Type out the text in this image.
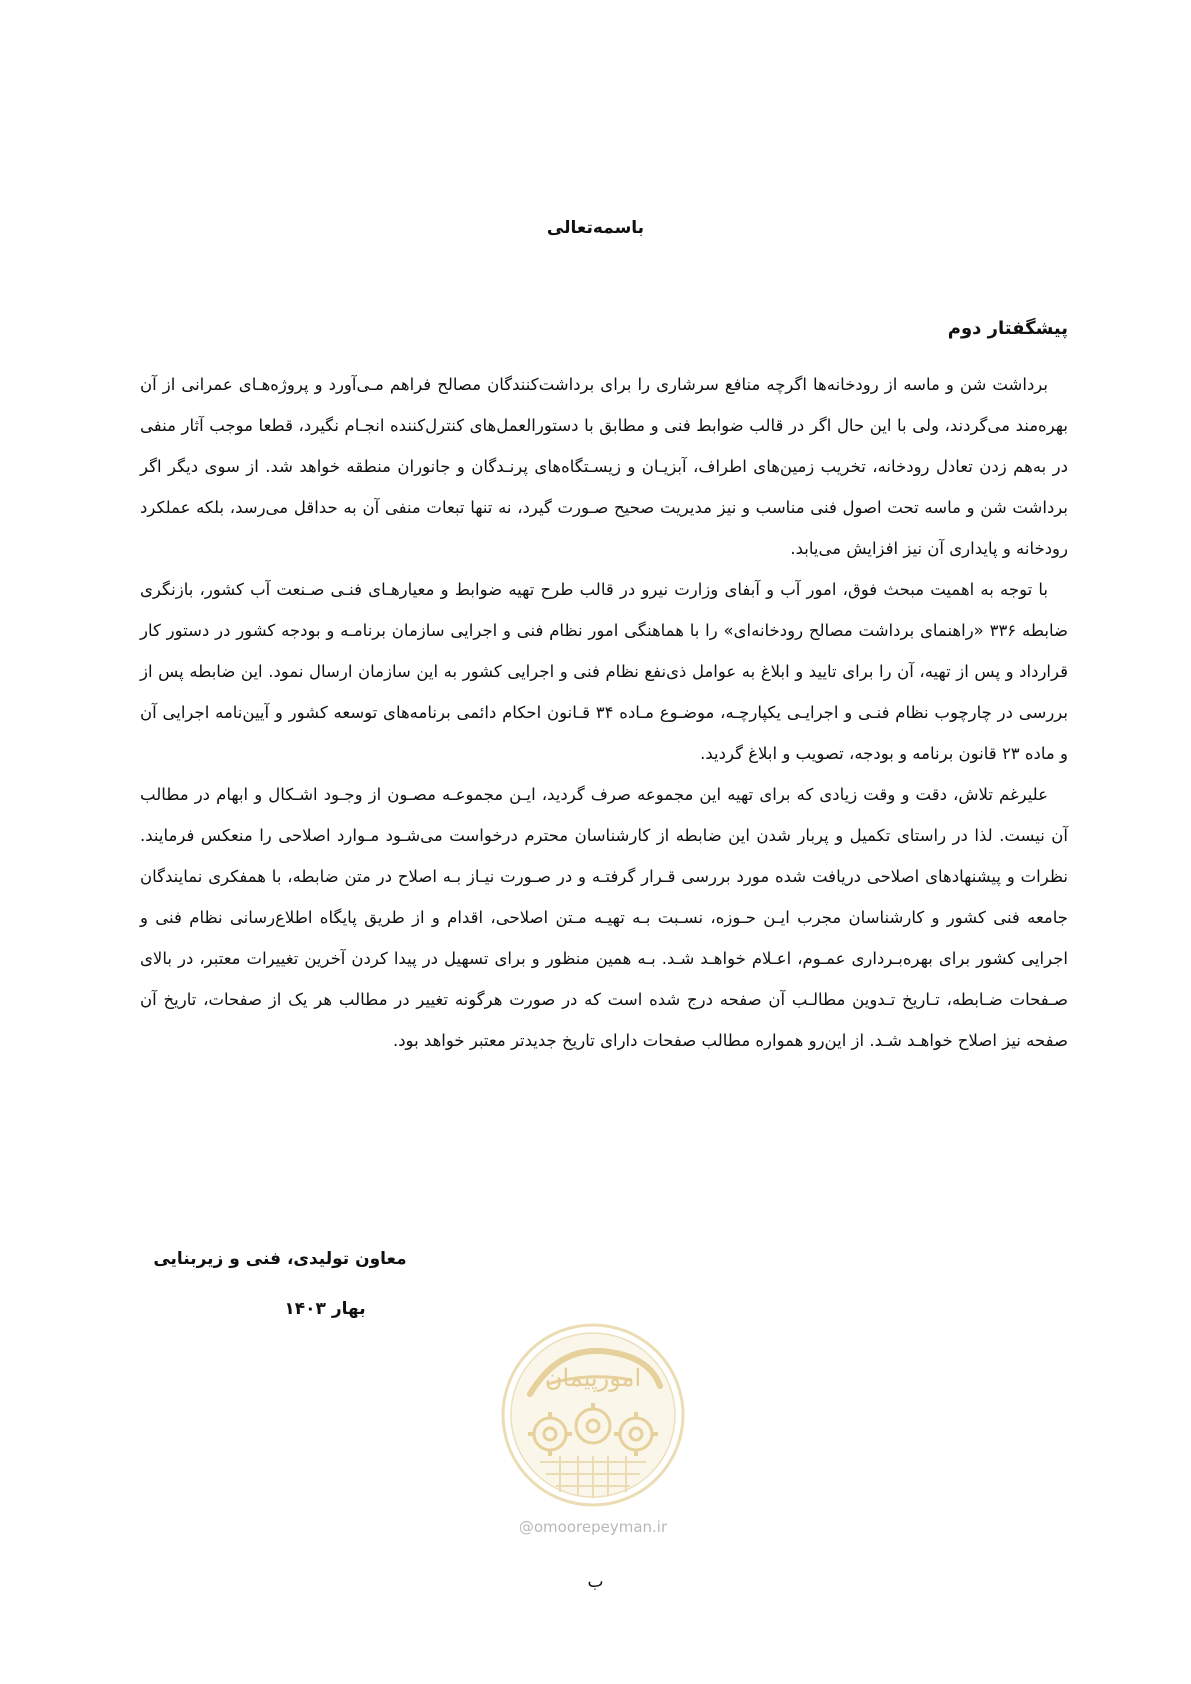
باسمه‌تعالی
پیشگفتار دوم

برداشت شن و ماسه از رودخانه‌ها اگرچه منافع سرشاری را برای برداشت‌کنندگان مصالح فراهم مـی‌آورد و پروژه‌هـای عمرانی از آن بهره‌مند می‌گردند، ولی با این حال اگر در قالب ضوابط فنی و مطابق با دستورالعمل‌های کنترل‌کننده انجـام نگیرد، قطعا موجب آثار منفی در به‌هم زدن تعادل رودخانه، تخریب زمین‌های اطراف، آبزیـان و زیسـتگاه‌های پرنـدگان و جانوران منطقه خواهد شد. از سوی دیگر اگر برداشت شن و ماسه تحت اصول فنی مناسب و نیز مدیریت صحیح صـورت گیرد، نه تنها تبعات منفی آن به حداقل می‌رسد، بلکه عملکرد رودخانه و پایداری آن نیز افزایش می‌یابد.

با توجه به اهمیت مبحث فوق، امور آب و آبفای وزارت نیرو در قالب طرح تهیه ضوابط و معیارهـای فنـی صـنعت آب کشور، بازنگری ضابطه ۳۳۶ «راهنمای برداشت مصالح رودخانه‌ای» را با هماهنگی امور نظام فنی و اجرایی سازمان برنامـه و بودجه کشور در دستور کار قرارداد و پس از تهیه، آن را برای تایید و ابلاغ به عوامل ذی‌نفع نظام فنی و اجرایی کشور به این سازمان ارسال نمود. این ضابطه پس از بررسی در چارچوب نظام فنـی و اجرایـی یکپارچـه، موضـوع مـاده ۳۴ قـانون احکام دائمی برنامه‌های توسعه کشور و آیین‌نامه اجرایی آن و ماده ۲۳ قانون برنامه و بودجه، تصویب و ابلاغ گردید.

علیرغم تلاش، دقت و وقت زیادی که برای تهیه این مجموعه صرف گردید، ایـن مجموعـه مصـون از وجـود اشـکال و ابهام در مطالب آن نیست. لذا در راستای تکمیل و پربار شدن این ضابطه از کارشناسان محترم درخواست می‌شـود مـوارد اصلاحی را منعکس فرمایند. نظرات و پیشنهادهای اصلاحی دریافت شده مورد بررسی قـرار گرفتـه و در صـورت نیـاز بـه اصلاح در متن ضابطه، با همفکری نمایندگان جامعه فنی کشور و کارشناسان مجرب ایـن حـوزه، نسـبت بـه تهیـه مـتن اصلاحی، اقدام و از طریق پایگاه اطلاع‌رسانی نظام فنی و اجرایی کشور برای بهره‌بـرداری عمـوم، اعـلام خواهـد شـد. بـه همین منظور و برای تسهیل در پیدا کردن آخرین تغییرات معتبر، در بالای صـفحات ضـابطه، تـاریخ تـدوین مطالـب آن صفحه درج شده است که در صورت هرگونه تغییر در مطالب هر یک از صفحات، تاریخ آن صفحه نیز اصلاح خواهـد شـد. از این‌رو همواره مطالب صفحات دارای تاریخ جدیدتر معتبر خواهد بود.

معاون تولیدی، فنی و زیربنایی
بهار ۱۴۰۳
امورپیمان
@omoorepeyman.ir
ب
